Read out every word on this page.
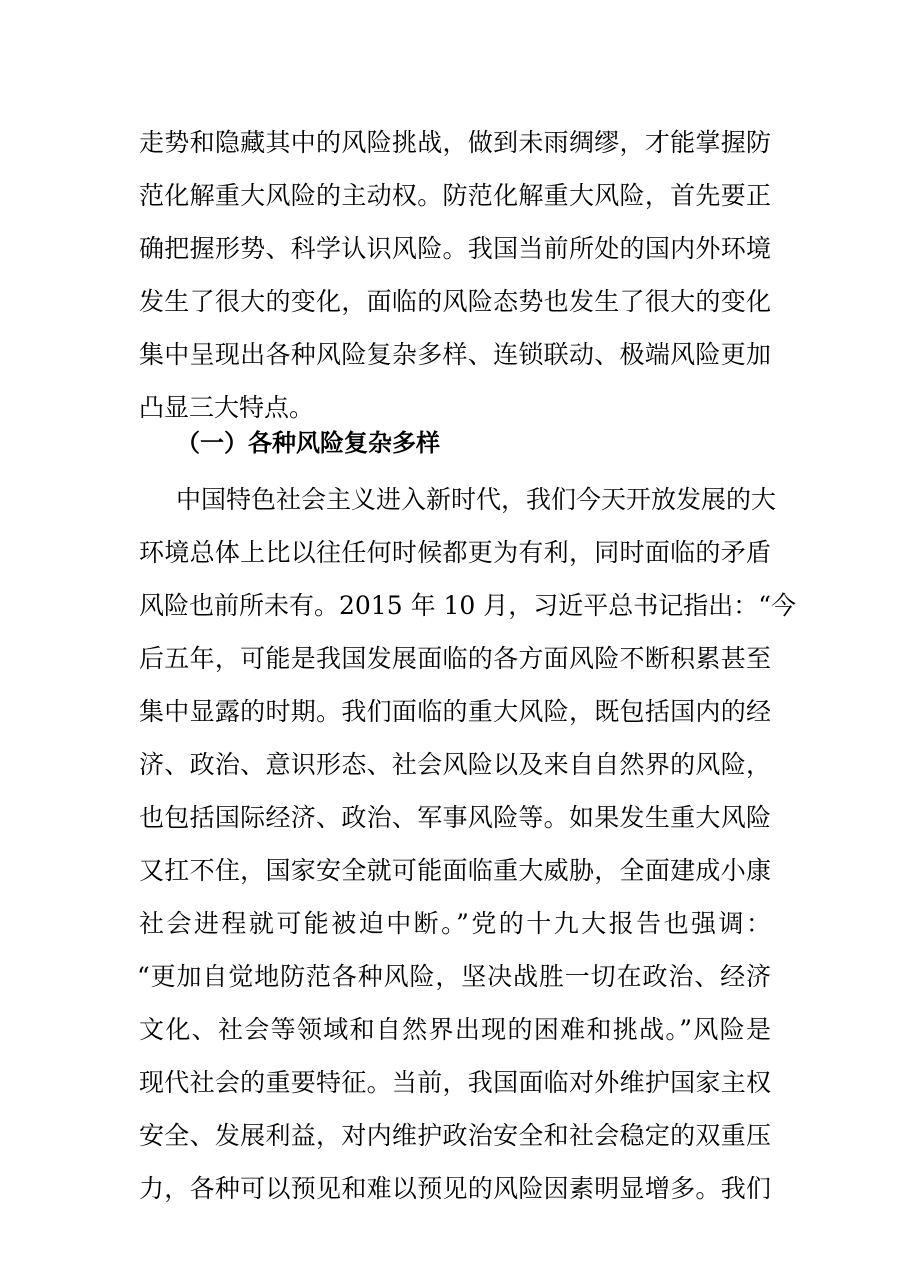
走势和隐藏其中的风险挑战，做到未雨绸缪，才能掌握防
范化解重大风险的主动权。防范化解重大风险，首先要正
确把握形势、科学认识风险。我国当前所处的国内外环境
发生了很大的变化，面临的风险态势也发生了很大的变化
集中呈现出各种风险复杂多样、连锁联动、极端风险更加
凸显三大特点。
（一）各种风险复杂多样
中国特色社会主义进入新时代，我们今天开放发展的大
环境总体上比以往任何时候都更为有利，同时面临的矛盾
风险也前所未有。2015 年 10 月，习近平总书记指出：“今
后五年，可能是我国发展面临的各方面风险不断积累甚至
集中显露的时期。我们面临的重大风险，既包括国内的经
济、政治、意识形态、社会风险以及来自自然界的风险，
也包括国际经济、政治、军事风险等。如果发生重大风险
又扛不住，国家安全就可能面临重大威胁，全面建成小康
社会进程就可能被迫中断。”党的十九大报告也强调：
“更加自觉地防范各种风险，坚决战胜一切在政治、经济
文化、社会等领域和自然界出现的困难和挑战。”风险是
现代社会的重要特征。当前，我国面临对外维护国家主权
安全、发展利益，对内维护政治安全和社会稳定的双重压
力，各种可以预见和难以预见的风险因素明显增多。我们
